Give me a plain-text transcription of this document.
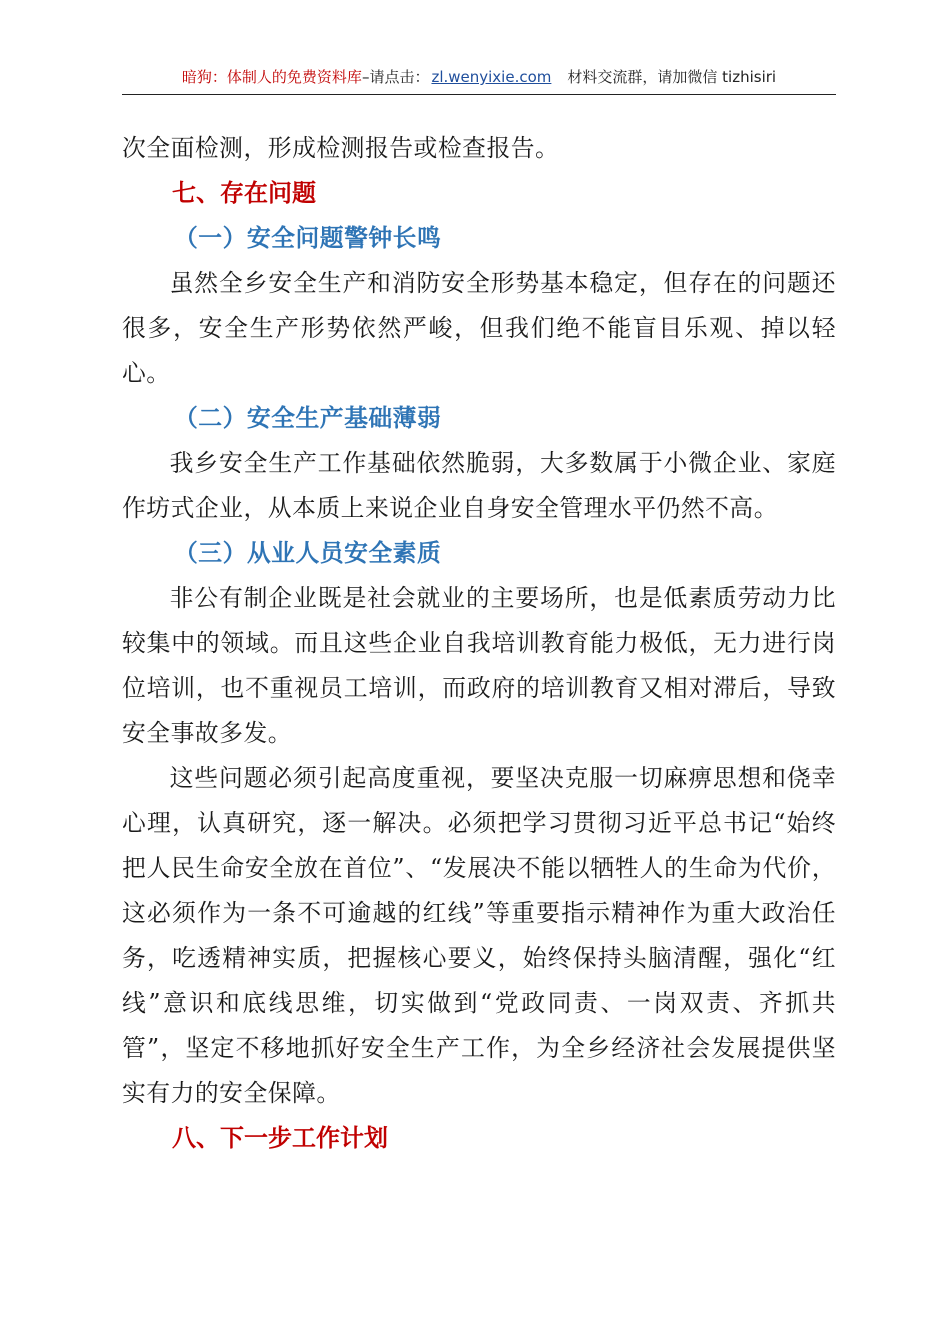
暗狗：体制人的免费资料库–请点击： zl.wenyixie.com 材料交流群，请加微信 tizhisiri

次全面检测，形成检测报告或检查报告。

七、存在问题
（一）安全问题警钟长鸣

虽然全乡安全生产和消防安全形势基本稳定，但存在的问题还很多，安全生产形势依然严峻，但我们绝不能盲目乐观、掉以轻心。

（二）安全生产基础薄弱

我乡安全生产工作基础依然脆弱，大多数属于小微企业、家庭作坊式企业，从本质上来说企业自身安全管理水平仍然不高。

（三）从业人员安全素质

非公有制企业既是社会就业的主要场所，也是低素质劳动力比较集中的领域。而且这些企业自我培训教育能力极低，无力进行岗位培训，也不重视员工培训，而政府的培训教育又相对滞后，导致安全事故多发。

这些问题必须引起高度重视，要坚决克服一切麻痹思想和侥幸心理，认真研究，逐一解决。必须把学习贯彻习近平总书记“始终把人民生命安全放在首位”、“发展决不能以牺牲人的生命为代价，这必须作为一条不可逾越的红线”等重要指示精神作为重大政治任务，吃透精神实质，把握核心要义，始终保持头脑清醒，强化“红线”意识和底线思维，切实做到“党政同责、一岗双责、齐抓共管”，坚定不移地抓好安全生产工作，为全乡经济社会发展提供坚实有力的安全保障。

八、下一步工作计划
